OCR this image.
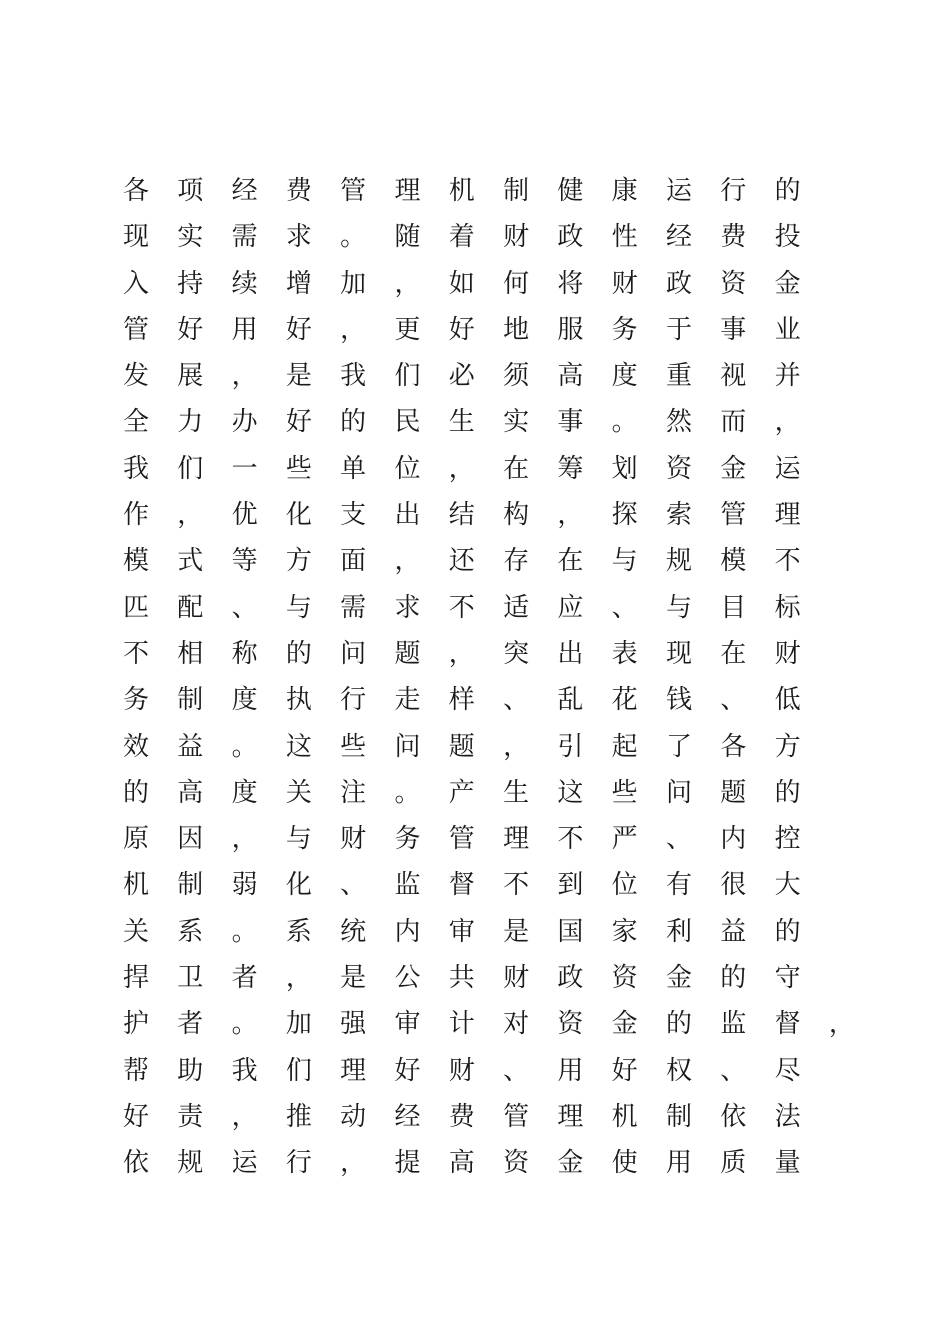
各	项	经	费	管	理	机	制	健	康	运	行	的
现	实	需	求	。	随	着	财	政	性	经	费	投
入	持	续	增	加	，	如	何	将	财	政	资	金
管	好	用	好	，	更	好	地	服	务	于	事	业
发	展	，	是	我	们	必	须	高	度	重	视	并
全	力	办	好	的	民	生	实	事	。	然	而	，
我	们	一	些	单	位	，	在	筹	划	资	金	运
作	，	优	化	支	出	结	构	，	探	索	管	理
模	式	等	方	面	，	还	存	在	与	规	模	不
匹	配	、	与	需	求	不	适	应	、	与	目	标
不	相	称	的	问	题	，	突	出	表	现	在	财
务	制	度	执	行	走	样	、	乱	花	钱	、	低
效	益	。	这	些	问	题	，	引	起	了	各	方
的	高	度	关	注	。	产	生	这	些	问	题	的
原	因	，	与	财	务	管	理	不	严	、	内	控
机	制	弱	化	、	监	督	不	到	位	有	很	大
关	系	。	系	统	内	审	是	国	家	利	益	的
捍	卫	者	，	是	公	共	财	政	资	金	的	守
护	者	。	加	强	审	计	对	资	金	的	监	督	，
帮	助	我	们	理	好	财	、	用	好	权	、	尽
好	责	，	推	动	经	费	管	理	机	制	依	法
依	规	运	行	，	提	高	资	金	使	用	质	量
